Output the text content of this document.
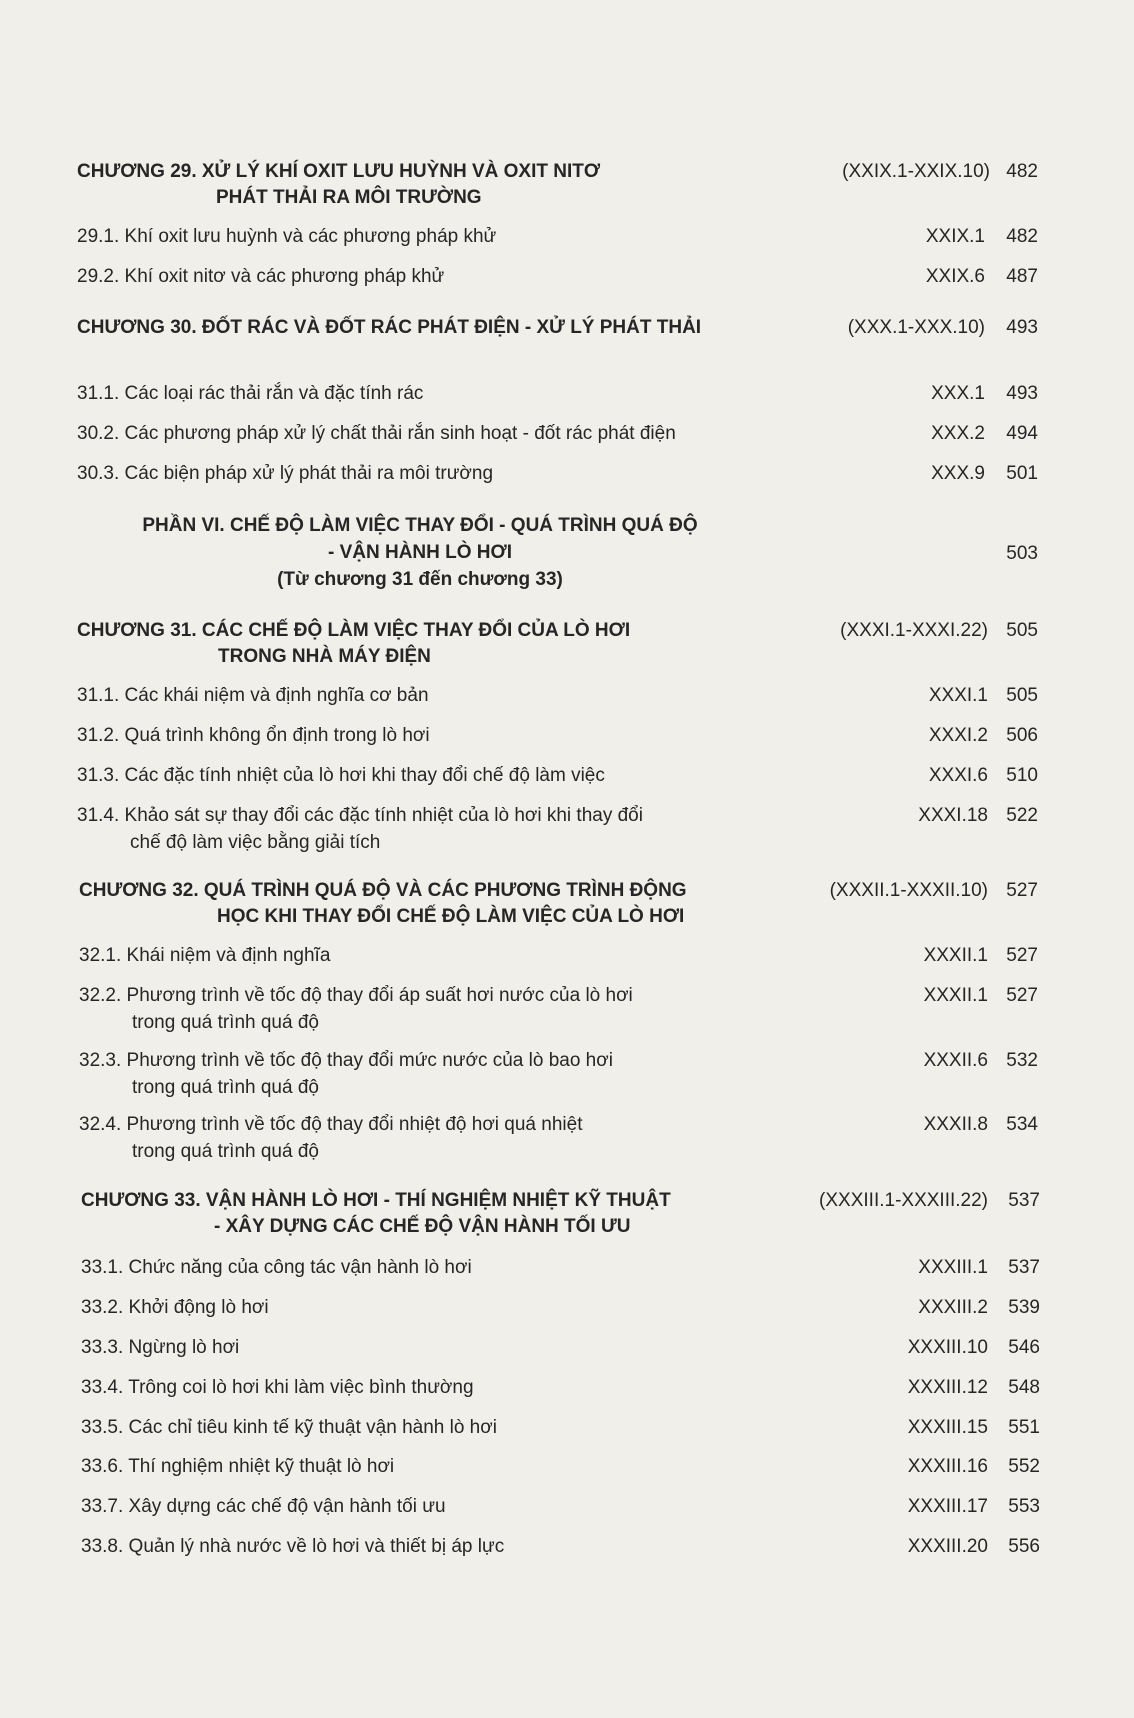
CHƯƠNG 29. XỬ LÝ KHÍ OXIT LƯU HUỲNH VÀ OXIT NITƠ
PHÁT THẢI RA MÔI TRƯỜNG
(XXIX.1-XXIX.10) 482
29.1. Khí oxit lưu huỳnh và các phương pháp khử	XXIX.1 482
29.2. Khí oxit nitơ và các phương pháp khử	XXIX.6 487
CHƯƠNG 30. ĐỐT RÁC VÀ ĐỐT RÁC PHÁT ĐIỆN - XỬ LÝ PHÁT THẢI	(XXX.1-XXX.10) 493
31.1. Các loại rác thải rắn và đặc tính rác	XXX.1 493
30.2. Các phương pháp xử lý chất thải rắn sinh hoạt - đốt rác phát điện	XXX.2 494
30.3. Các biện pháp xử lý phát thải ra môi trường	XXX.9 501
PHẦN VI. CHẾ ĐỘ LÀM VIỆC THAY ĐỔI - QUÁ TRÌNH QUÁ ĐỘ
- VẬN HÀNH LÒ HƠI
(Từ chương 31 đến chương 33)
503
CHƯƠNG 31. CÁC CHẾ ĐỘ LÀM VIỆC THAY ĐỔI CỦA LÒ HƠI
TRONG NHÀ MÁY ĐIỆN
(XXXI.1-XXXI.22) 505
31.1. Các khái niệm và định nghĩa cơ bản	XXXI.1 505
31.2. Quá trình không ổn định trong lò hơi	XXXI.2 506
31.3. Các đặc tính nhiệt của lò hơi khi thay đổi chế độ làm việc	XXXI.6 510
31.4. Khảo sát sự thay đổi các đặc tính nhiệt của lò hơi khi thay đổi
chế độ làm việc bằng giải tích
XXXI.18 522
CHƯƠNG 32. QUÁ TRÌNH QUÁ ĐỘ VÀ CÁC PHƯƠNG TRÌNH ĐỘNG
HỌC KHI THAY ĐỔI CHẾ ĐỘ LÀM VIỆC CỦA LÒ HƠI
(XXXII.1-XXXII.10) 527
32.1. Khái niệm và định nghĩa	XXXII.1 527
32.2. Phương trình về tốc độ thay đổi áp suất hơi nước của lò hơi
trong quá trình quá độ
XXXII.1 527
32.3. Phương trình về tốc độ thay đổi mức nước của lò bao hơi
trong quá trình quá độ
XXXII.6 532
32.4. Phương trình về tốc độ thay đổi nhiệt độ hơi quá nhiệt
trong quá trình quá độ
XXXII.8 534
CHƯƠNG 33. VẬN HÀNH LÒ HƠI - THÍ NGHIỆM NHIỆT KỸ THUẬT
- XÂY DỰNG CÁC CHẾ ĐỘ VẬN HÀNH TỐI ƯU
(XXXIII.1-XXXIII.22) 537
33.1. Chức năng của công tác vận hành lò hơi	XXXIII.1 537
33.2. Khởi động lò hơi	XXXIII.2 539
33.3. Ngừng lò hơi	XXXIII.10 546
33.4. Trông coi lò hơi khi làm việc bình thường	XXXIII.12 548
33.5. Các chỉ tiêu kinh tế kỹ thuật vận hành lò hơi	XXXIII.15 551
33.6. Thí nghiệm nhiệt kỹ thuật lò hơi	XXXIII.16 552
33.7. Xây dựng các chế độ vận hành tối ưu	XXXIII.17 553
33.8. Quản lý nhà nước về lò hơi và thiết bị áp lực	XXXIII.20 556
